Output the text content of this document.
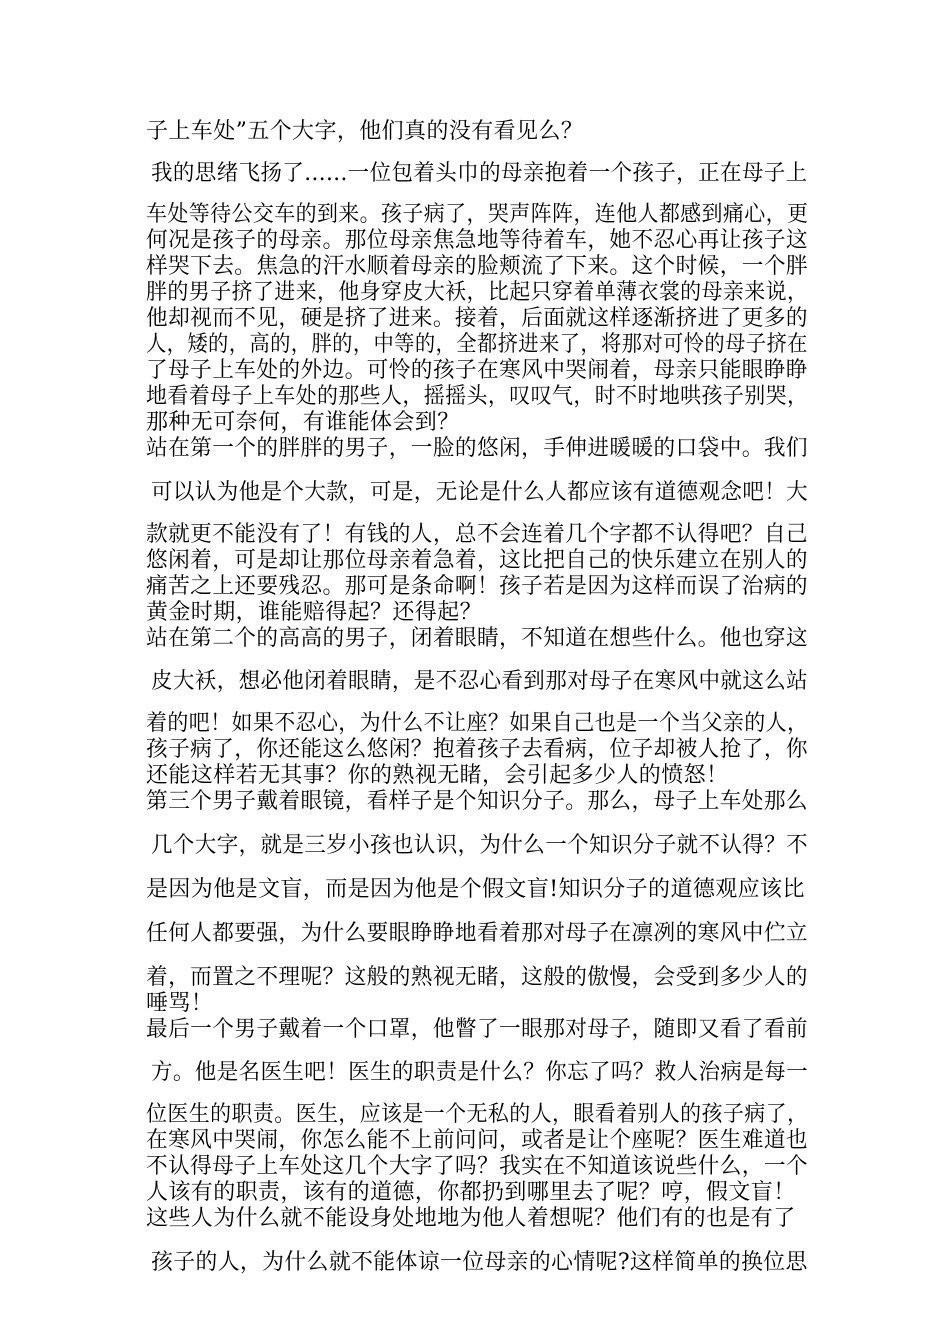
子上车处”五个大字，他们真的没有看见么？
我的思绪飞扬了......一位包着头巾的母亲抱着一个孩子，正在母子上
车处等待公交车的到来。孩子病了，哭声阵阵，连他人都感到痛心，更
何况是孩子的母亲。那位母亲焦急地等待着车，她不忍心再让孩子这
样哭下去。焦急的汗水顺着母亲的脸颊流了下来。这个时候，一个胖
胖的男子挤了进来，他身穿皮大袄，比起只穿着单薄衣裳的母亲来说，
他却视而不见，硬是挤了进来。接着，后面就这样逐渐挤进了更多的
人，矮的，高的，胖的，中等的，全都挤进来了，将那对可怜的母子挤在
了母子上车处的外边。可怜的孩子在寒风中哭闹着，母亲只能眼睁睁
地看着母子上车处的那些人，摇摇头，叹叹气，时不时地哄孩子别哭，
那种无可奈何，有谁能体会到？
站在第一个的胖胖的男子，一脸的悠闲，手伸进暖暖的口袋中。我们
可以认为他是个大款，可是，无论是什么人都应该有道德观念吧！大
款就更不能没有了！有钱的人，总不会连着几个字都不认得吧？自己
悠闲着，可是却让那位母亲着急着，这比把自己的快乐建立在别人的
痛苦之上还要残忍。那可是条命啊！孩子若是因为这样而误了治病的
黄金时期，谁能赔得起？还得起？
站在第二个的高高的男子，闭着眼睛，不知道在想些什么。他也穿这
皮大袄，想必他闭着眼睛，是不忍心看到那对母子在寒风中就这么站
着的吧！如果不忍心，为什么不让座？如果自己也是一个当父亲的人，
孩子病了，你还能这么悠闲？抱着孩子去看病，位子却被人抢了，你
还能这样若无其事？你的熟视无睹，会引起多少人的愤怒！
第三个男子戴着眼镜，看样子是个知识分子。那么，母子上车处那么
几个大字，就是三岁小孩也认识，为什么一个知识分子就不认得？不
是因为他是文盲，而是因为他是个假文盲!知识分子的道德观应该比
任何人都要强，为什么要眼睁睁地看着那对母子在凛冽的寒风中伫立
着，而置之不理呢？这般的熟视无睹，这般的傲慢，会受到多少人的
唾骂！
最后一个男子戴着一个口罩，他瞥了一眼那对母子，随即又看了看前
方。他是名医生吧！医生的职责是什么？你忘了吗？救人治病是每一
位医生的职责。医生，应该是一个无私的人，眼看着别人的孩子病了，
在寒风中哭闹，你怎么能不上前问问，或者是让个座呢？医生难道也
不认得母子上车处这几个大字了吗？我实在不知道该说些什么，一个
人该有的职责，该有的道德，你都扔到哪里去了呢？哼，假文盲！
这些人为什么就不能设身处地地为他人着想呢？他们有的也是有了
孩子的人，为什么就不能体谅一位母亲的心情呢?这样简单的换位思
